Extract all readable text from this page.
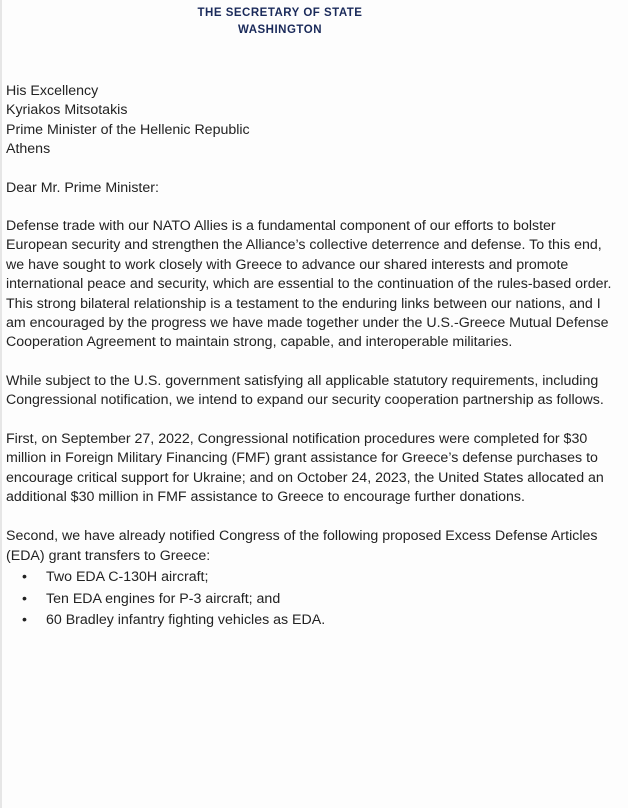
THE SECRETARY OF STATE
WASHINGTON

His Excellency

Kyriakos Mitsotakis

Prime Minister of the Hellenic Republic

Athens

Dear Mr. Prime Minister:

Defense trade with our NATO Allies is a fundamental component of our efforts to bolster European security and strengthen the Alliance’s collective deterrence and defense. To this end, we have sought to work closely with Greece to advance our shared interests and promote international peace and security, which are essential to the continuation of the rules-based order. This strong bilateral relationship is a testament to the enduring links between our nations, and I am encouraged by the progress we have made together under the U.S.-Greece Mutual Defense Cooperation Agreement to maintain strong, capable, and interoperable militaries.

While subject to the U.S. government satisfying all applicable statutory requirements, including Congressional notification, we intend to expand our security cooperation partnership as follows.

First, on September 27, 2022, Congressional notification procedures were completed for $30 million in Foreign Military Financing (FMF) grant assistance for Greece’s defense purchases to encourage critical support for Ukraine; and on October 24, 2023, the United States allocated an additional $30 million in FMF assistance to Greece to encourage further donations.

Second, we have already notified Congress of the following proposed Excess Defense Articles (EDA) grant transfers to Greece:

• Two EDA C-130H aircraft;
• Ten EDA engines for P-3 aircraft; and
• 60 Bradley infantry fighting vehicles as EDA.
